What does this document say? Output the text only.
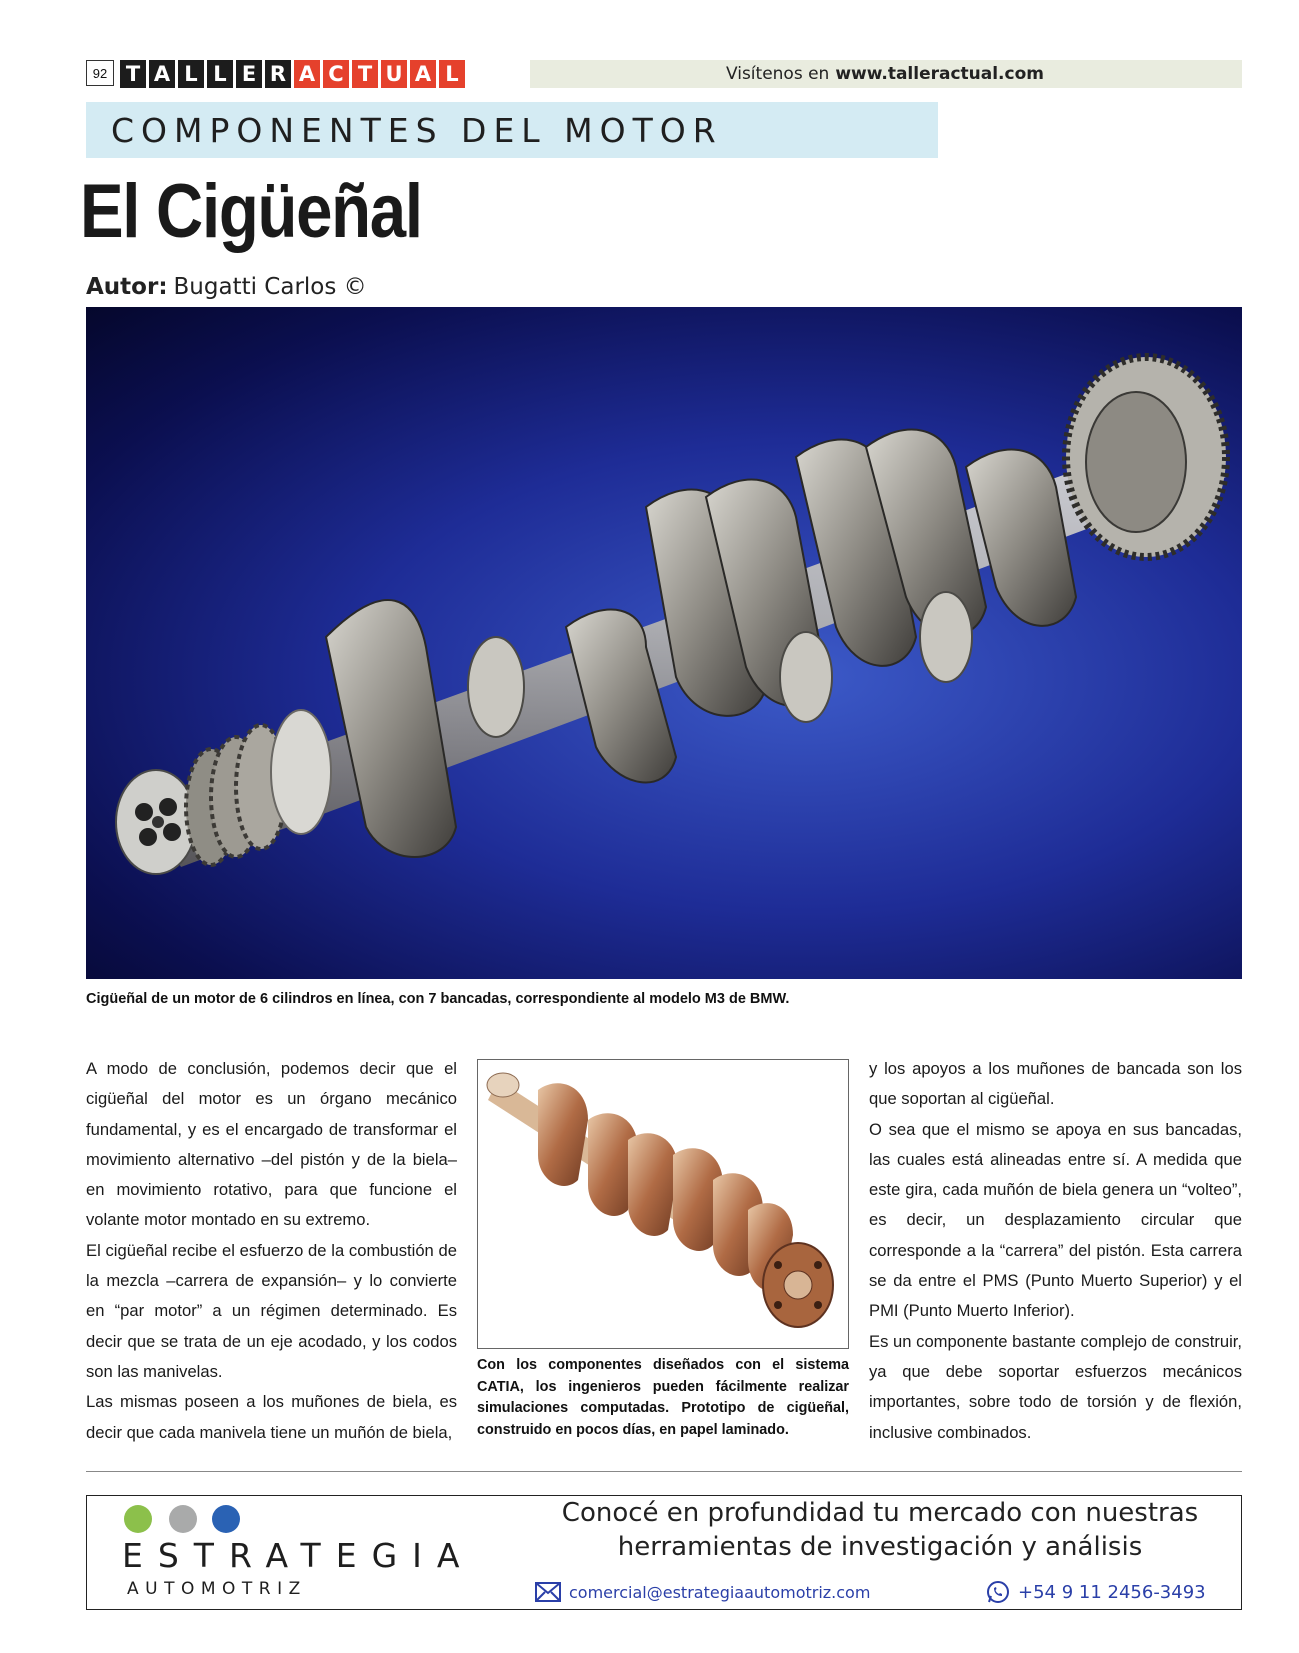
92 T A L L E R A C T U A L	Visítenos en www.talleractual.com
COMPONENTES DEL MOTOR
El Cigüeñal
Autor: Bugatti Carlos ©
Cigüeñal de un motor de 6 cilindros en línea, con 7 bancadas, correspondiente al modelo M3 de BMW.

A modo de conclusión, podemos decir que el cigüeñal del motor es un órgano mecánico fundamental, y es el encargado de transformar el movimiento alternativo –del pistón y de la biela– en movimiento rotativo, para que funcione el volante motor montado en su extremo.

El cigüeñal recibe el esfuerzo de la combustión de la mezcla –carrera de expansión– y lo convierte en “par motor” a un régimen determinado. Es decir que se trata de un eje acodado, y los codos son las manivelas.

Las mismas poseen a los muñones de biela, es decir que cada manivela tiene un muñón de biela,

Con los componentes diseñados con el sistema CATIA, los ingenieros pueden fácilmente realizar simulaciones computadas. Prototipo de cigüeñal, construido en pocos días, en papel laminado.

y los apoyos a los muñones de bancada son los que soportan al cigüeñal.

O sea que el mismo se apoya en sus bancadas, las cuales está alineadas entre sí. A medida que este gira, cada muñón de biela genera un “volteo”, es decir, un desplazamiento circular que corresponde a la “carrera” del pistón. Esta carrera se da entre el PMS (Punto Muerto Superior) y el PMI (Punto Muerto Inferior).

Es un componente bastante complejo de construir, ya que debe soportar esfuerzos mecánicos importantes, sobre todo de torsión y de flexión, inclusive combinados.

ESTRATEGIA
AUTOMOTRIZ
Conocé en profundidad tu mercado con nuestras
herramientas de investigación y análisis
comercial@estrategiaautomotriz.com	+54 9 11 2456-3493
